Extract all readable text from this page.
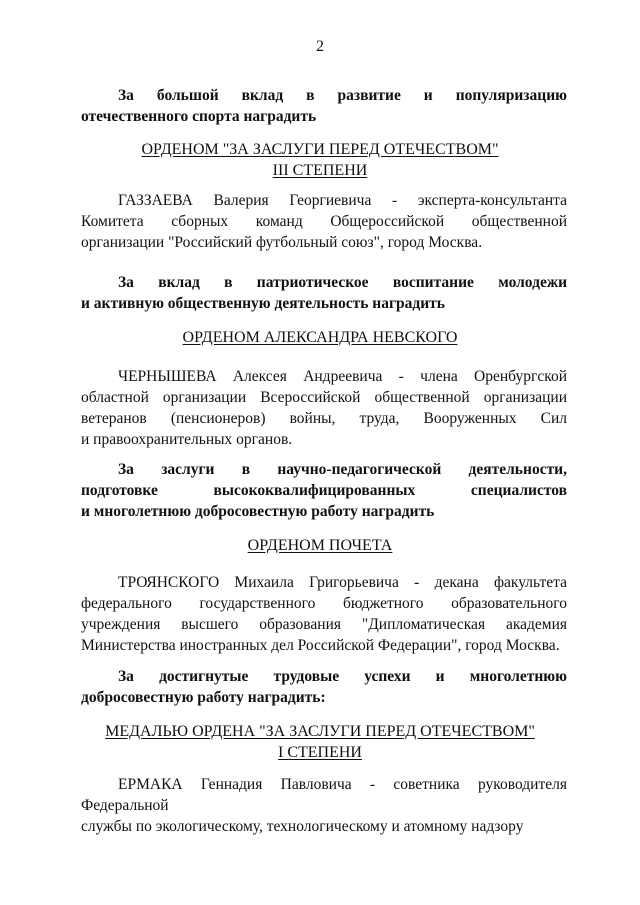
2
За большой вклад в развитие и популяризацию
отечественного спорта наградить
ОРДЕНОМ "ЗА ЗАСЛУГИ ПЕРЕД ОТЕЧЕСТВОМ"
III СТЕПЕНИ
ГАЗЗАЕВА Валерия Георгиевича - эксперта-консультанта
Комитета сборных команд Общероссийской общественной
организации "Российский футбольный союз", город Москва.
За вклад в патриотическое воспитание молодежи
и активную общественную деятельность наградить
ОРДЕНОМ АЛЕКСАНДРА НЕВСКОГО
ЧЕРНЫШЕВА Алексея Андреевича - члена Оренбургской
областной организации Всероссийской общественной организации
ветеранов (пенсионеров) войны, труда, Вооруженных Сил
и правоохранительных органов.
За заслуги в научно-педагогической деятельности,
подготовке высококвалифицированных специалистов
и многолетнюю добросовестную работу наградить
ОРДЕНОМ ПОЧЕТА
ТРОЯНСКОГО Михаила Григорьевича - декана факультета
федерального государственного бюджетного образовательного
учреждения высшего образования "Дипломатическая академия
Министерства иностранных дел Российской Федерации", город Москва.
За достигнутые трудовые успехи и многолетнюю
добросовестную работу наградить:
МЕДАЛЬЮ ОРДЕНА "ЗА ЗАСЛУГИ ПЕРЕД ОТЕЧЕСТВОМ"
I СТЕПЕНИ
ЕРМАКА Геннадия Павловича - советника руководителя Федеральной
службы по экологическому, технологическому и атомному надзору
